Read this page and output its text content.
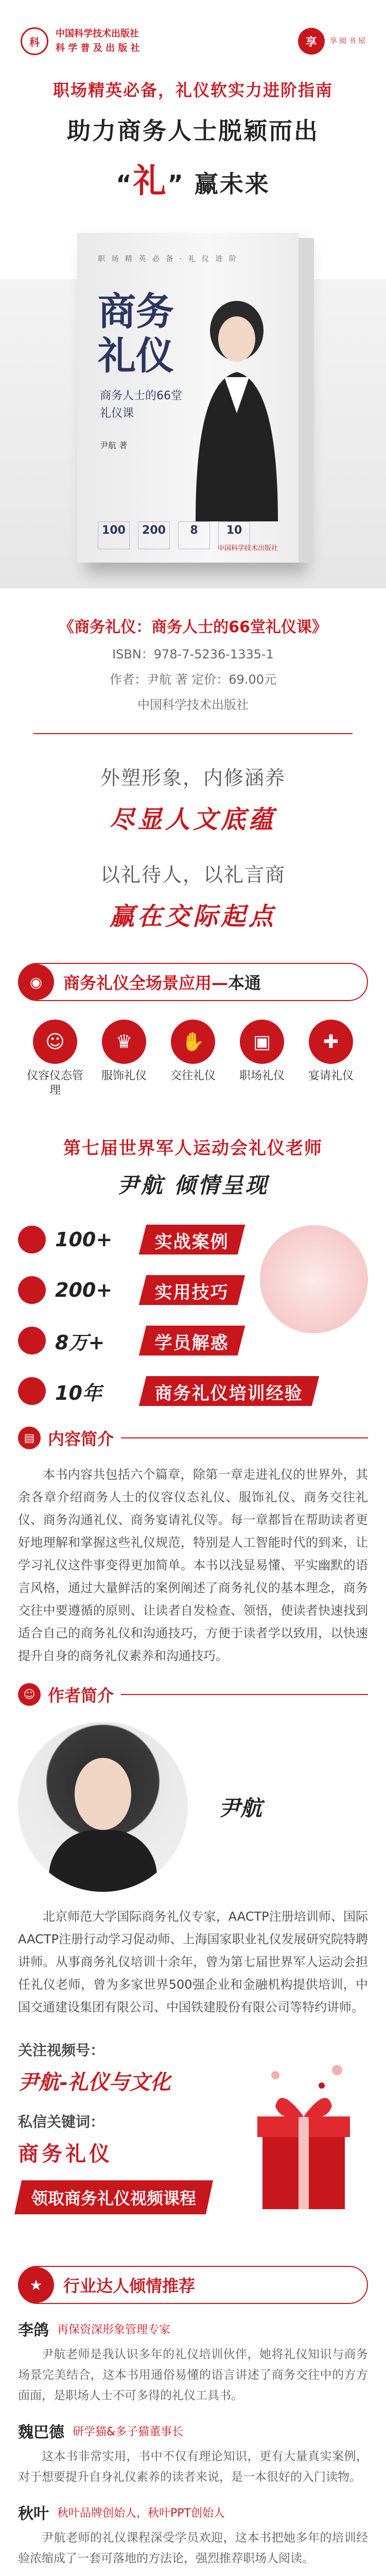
科
中国科学技术出版社
科 学 普 及 出 版 社	享	享 阅 书 屋
职场精英必备，礼仪软实力进阶指南
助力商务人士脱颖而出
“礼” 赢未来
职 场 精 英 必 备 · 礼 仪 进 阶
商务礼仪
商务人士的66堂礼仪课
尹航 著
100	200	8	10
中国科学技术出版社
《商务礼仪：商务人士的66堂礼仪课》
ISBN：978-7-5236-1335-1
作者：尹航 著 定价：69.00元
中国科学技术出版社
外塑形象，内修涵养
尽显人文底蕴
以礼待人，以礼言商
赢在交际起点
◉	商务礼仪全场景应用—本通
☺
仪容仪态管理
♛
服饰礼仪
✋
交往礼仪
▣
职场礼仪
✚
宴请礼仪
第七届世界军人运动会礼仪老师
尹航 倾情呈现
100+	实战案例
200+	实用技巧
8万+	学员解惑
10年	商务礼仪培训经验
▤ 内容简介
本书内容共包括六个篇章，除第一章走进礼仪的世界外，其余各章介绍商务人士的仪容仪态礼仪、服饰礼仪、商务交往礼仪、商务沟通礼仪、商务宴请礼仪等。每一章都旨在帮助读者更好地理解和掌握这些礼仪规范，特别是人工智能时代的到来，让学习礼仪这件事变得更加简单。本书以浅显易懂、平实幽默的语言风格，通过大量鲜活的案例阐述了商务礼仪的基本理念，商务交往中要遵循的原则、让读者自发检查、领悟，使读者快速找到适合自己的商务礼仪和沟通技巧，方便于读者学以致用，以快速提升自身的商务礼仪素养和沟通技巧。
☺ 作者简介
尹航
北京师范大学国际商务礼仪专家，AACTP注册培训师、国际AACTP注册行动学习促动师、上海国家职业礼仪发展研究院特聘讲师。从事商务礼仪培训十余年，曾为第七届世界军人运动会担任礼仪老师，曾为多家世界500强企业和金融机构提供培训，中国交通建设集团有限公司、中国铁建股份有限公司等特约讲师。
关注视频号：
尹航-礼仪与文化
私信关键词：
商务礼仪
领取商务礼仪视频课程
★	行业达人倾情推荐
李鸽 再保资深形象管理专家
尹航老师是我认识多年的礼仪培训伙伴，她将礼仪知识与商务场景完美结合，这本书用通俗易懂的语言讲述了商务交往中的方方面面，是职场人士不可多得的礼仪工具书。
魏巴德 研学猫&多子猫董事长
这本书非常实用，书中不仅有理论知识，更有大量真实案例，对于想要提升自身礼仪素养的读者来说，是一本很好的入门读物。
秋叶 秋叶品牌创始人，秋叶PPT创始人
尹航老师的礼仪课程深受学员欢迎，这本书把她多年的培训经验浓缩成了一套可落地的方法论，强烈推荐职场人阅读。
